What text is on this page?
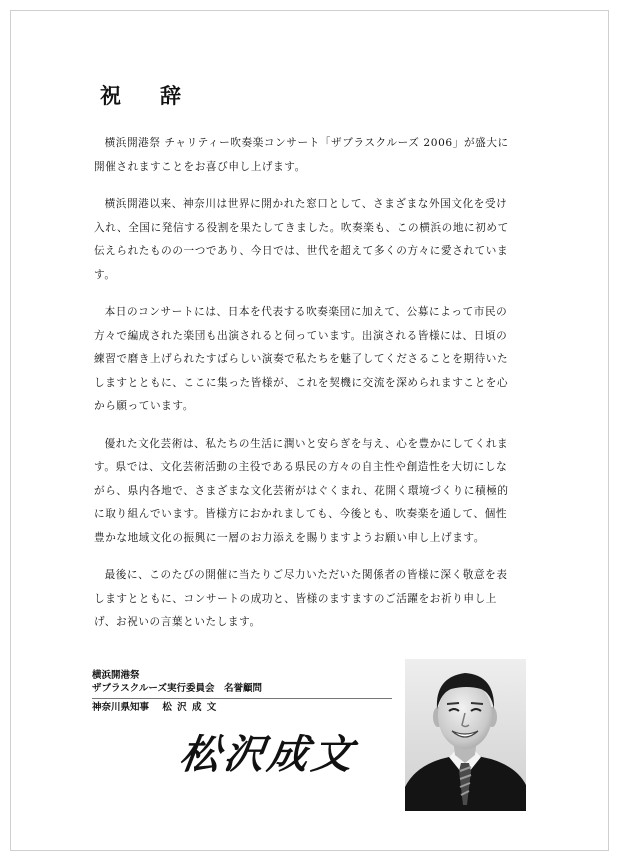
祝　辞

横浜開港祭 チャリティー吹奏楽コンサート「ザブラスクルーズ 2006」が盛大に開催されますことをお喜び申し上げます。

横浜開港以来、神奈川は世界に開かれた窓口として、さまざまな外国文化を受け入れ、全国に発信する役割を果たしてきました。吹奏楽も、この横浜の地に初めて伝えられたものの一つであり、今日では、世代を超えて多くの方々に愛されています。

本日のコンサートには、日本を代表する吹奏楽団に加えて、公募によって市民の方々で編成された楽団も出演されると伺っています。出演される皆様には、日頃の練習で磨き上げられたすばらしい演奏で私たちを魅了してくださることを期待いたしますとともに、ここに集った皆様が、これを契機に交流を深められますことを心から願っています。

優れた文化芸術は、私たちの生活に潤いと安らぎを与え、心を豊かにしてくれます。県では、文化芸術活動の主役である県民の方々の自主性や創造性を大切にしながら、県内各地で、さまざまな文化芸術がはぐくまれ、花開く環境づくりに積極的に取り組んでいます。皆様方におかれましても、今後とも、吹奏楽を通して、個性豊かな地域文化の振興に一層のお力添えを賜りますようお願い申し上げます。

最後に、このたびの開催に当たりご尽力いただいた関係者の皆様に深く敬意を表しますとともに、コンサートの成功と、皆様のますますのご活躍をお祈り申し上げ、お祝いの言葉といたします。

横浜開港祭
ザブラスクルーズ実行委員会　名誉顧問
神奈川県知事 松 沢 成 文
松沢成文
